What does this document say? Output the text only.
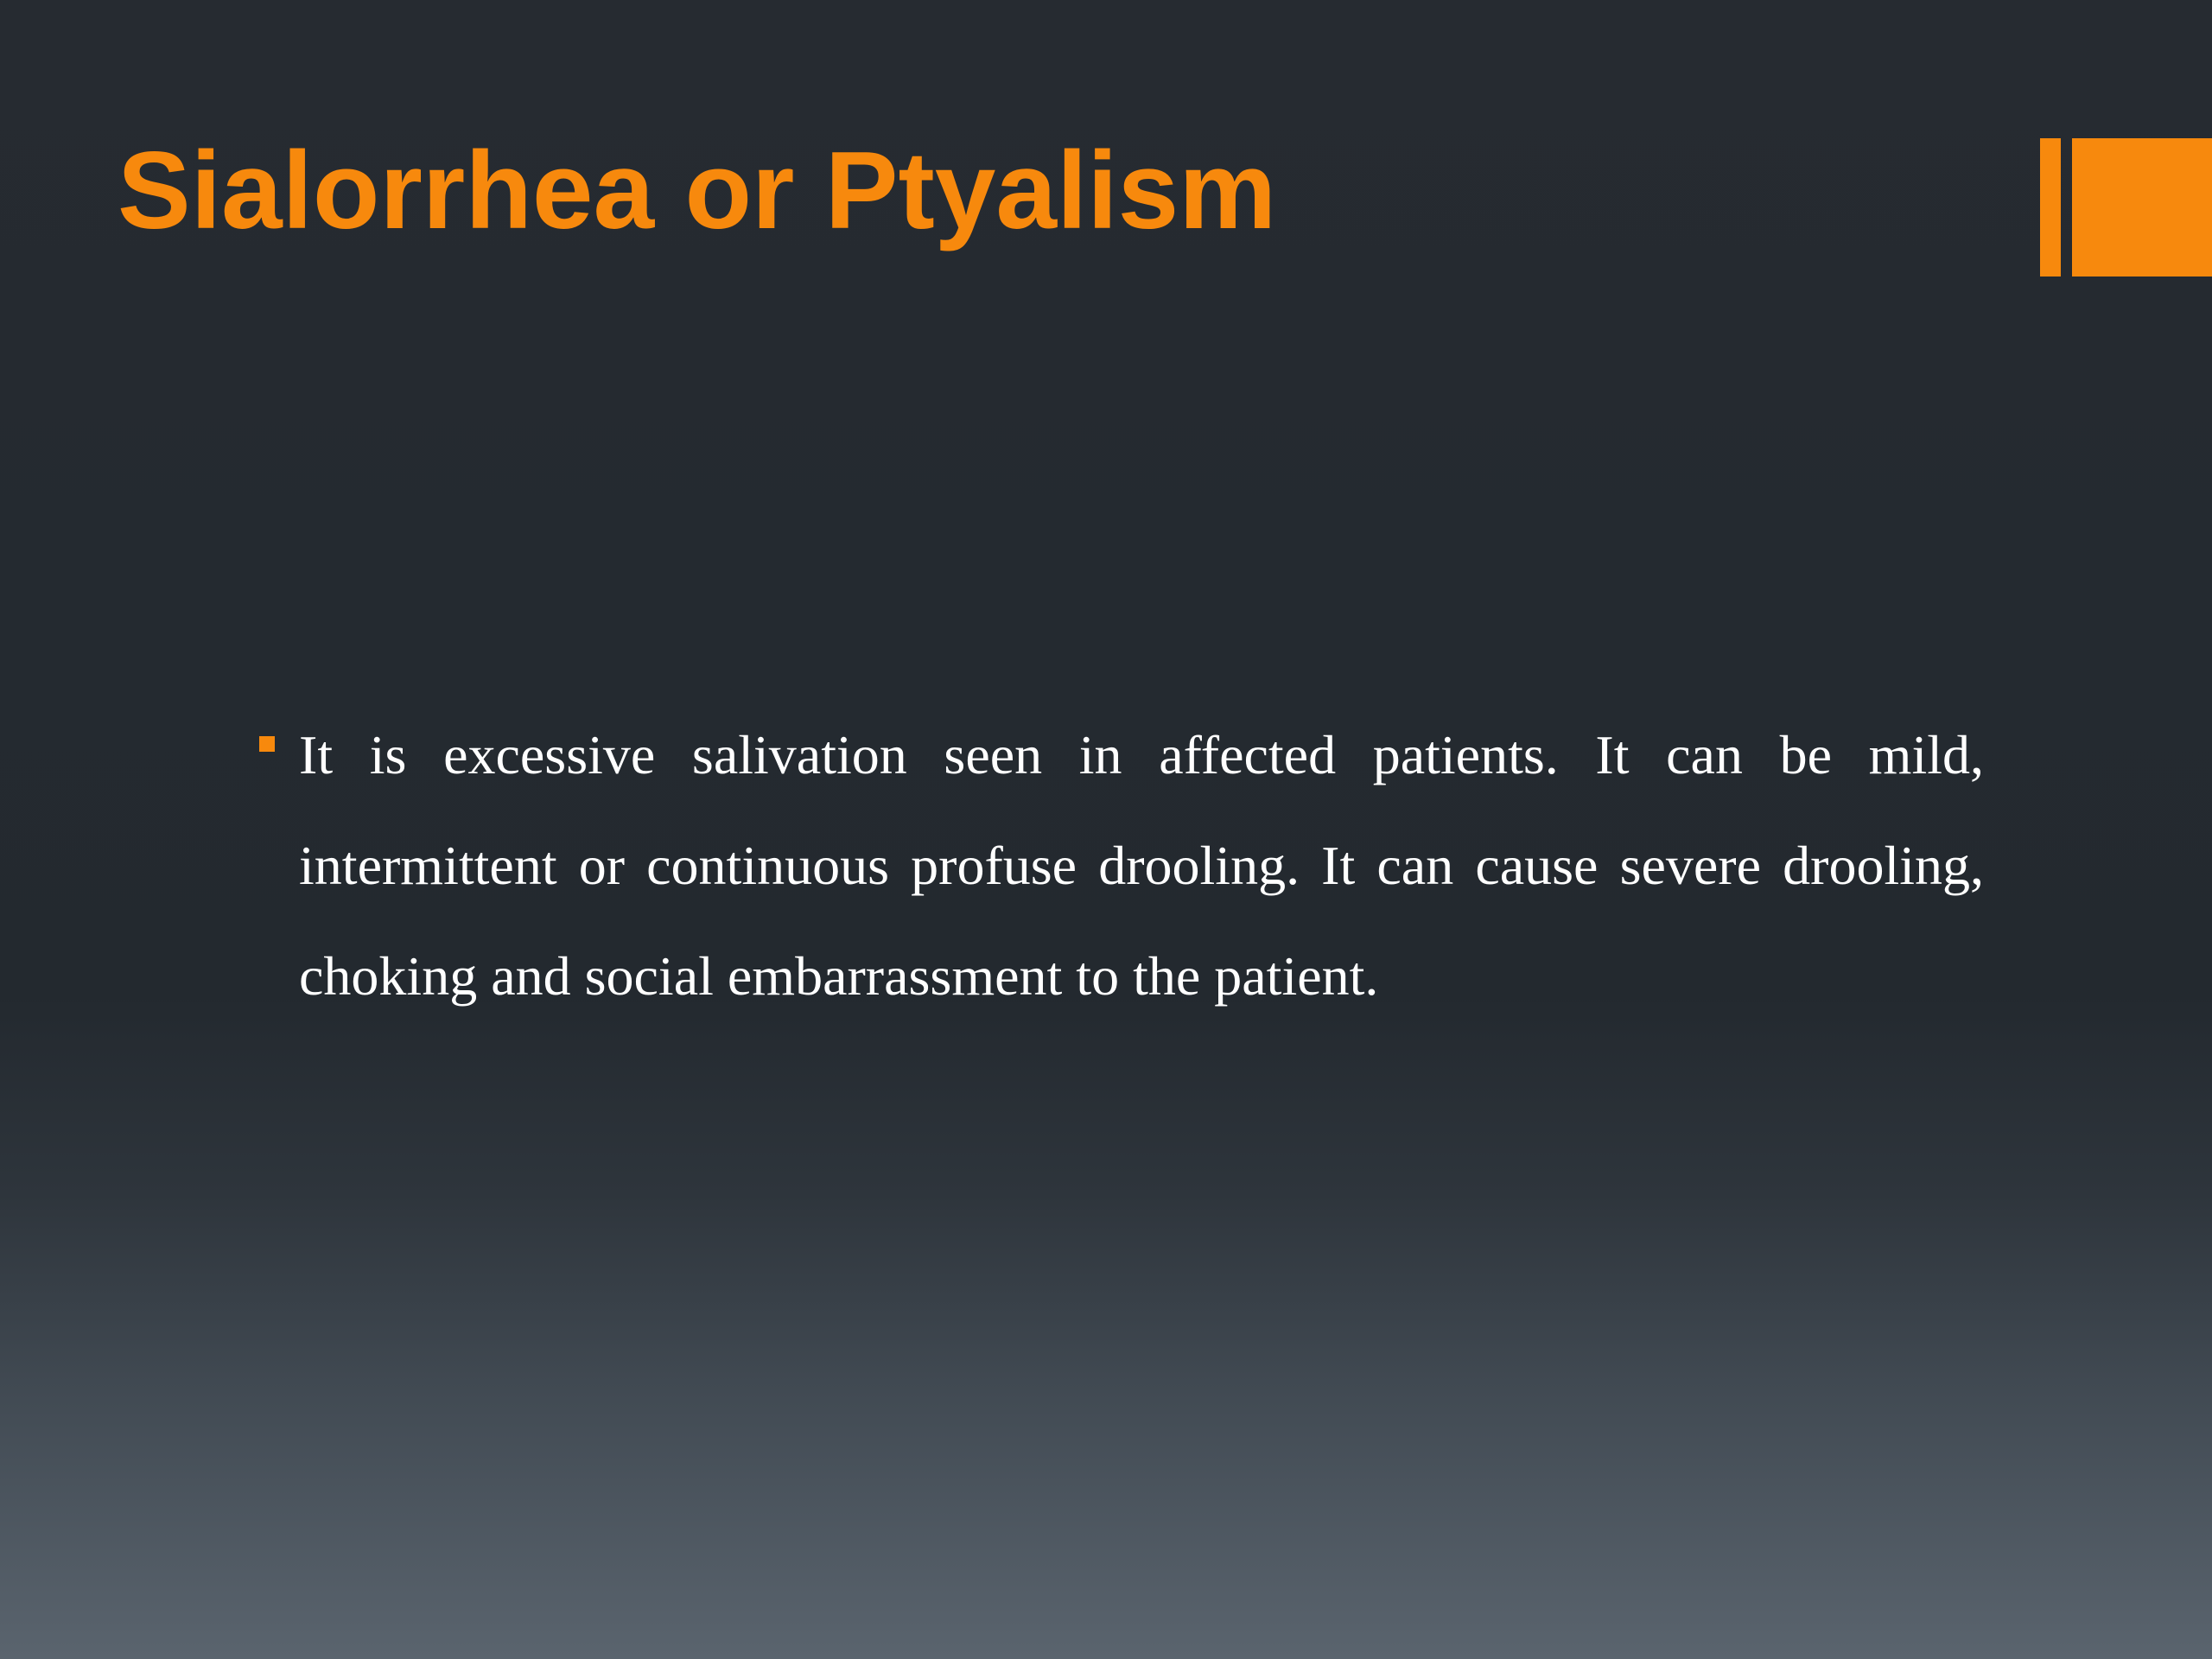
Sialorrhea or Ptyalism

It is excessive salivation seen in affected patients. It can be mild, intermittent or continuous profuse drooling. It can cause severe drooling, choking and social embarrassment to the patient.
